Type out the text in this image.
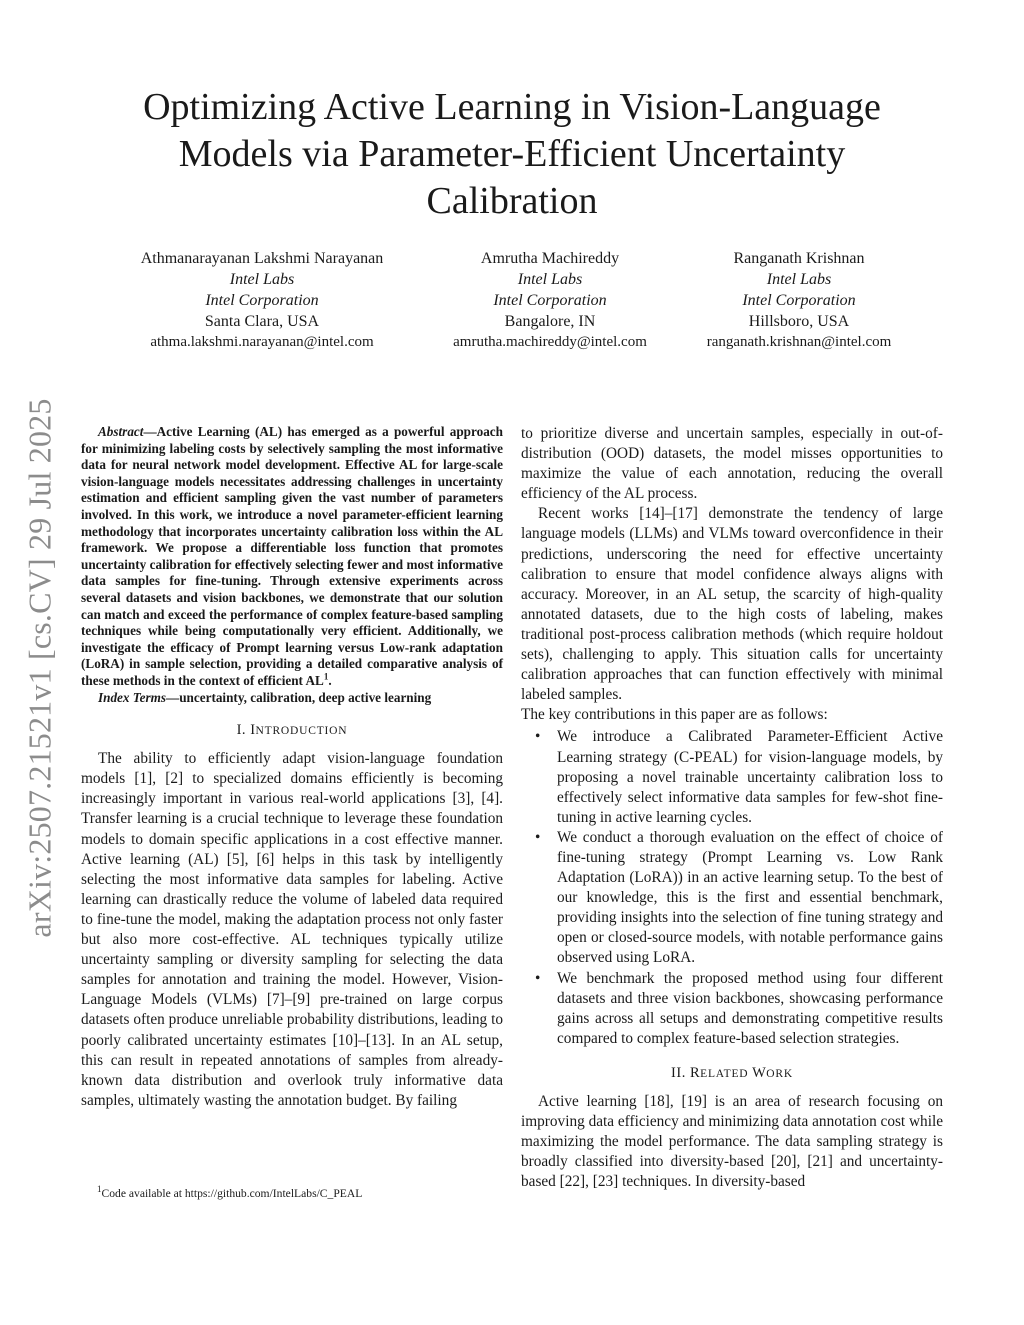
Optimizing Active Learning in Vision-Language
Models via Parameter-Efficient Uncertainty
Calibration
Athmanarayanan Lakshmi Narayanan
Intel Labs
Intel Corporation
Santa Clara, USA
athma.lakshmi.narayanan@intel.com
Amrutha Machireddy
Intel Labs
Intel Corporation
Bangalore, IN
amrutha.machireddy@intel.com
Ranganath Krishnan
Intel Labs
Intel Corporation
Hillsboro, USA
ranganath.krishnan@intel.com
arXiv:2507.21521v1 [cs.CV] 29 Jul 2025	Abstract—Active Learning (AL) has emerged as a powerful approach for minimizing labeling costs by selectively sampling the most informative data for neural network model development. Effective AL for large-scale vision-language models necessitates addressing challenges in uncertainty estimation and efficient sampling given the vast number of parameters involved. In this work, we introduce a novel parameter-efficient learning methodology that incorporates uncertainty calibration loss within the AL framework. We propose a differentiable loss function that promotes uncertainty calibration for effectively selecting fewer and most informative data samples for fine-tuning. Through extensive experiments across several datasets and vision backbones, we demonstrate that our solution can match and exceed the performance of complex feature-based sampling techniques while being computationally very efficient. Additionally, we investigate the efficacy of Prompt learning versus Low-rank adaptation (LoRA) in sample selection, providing a detailed comparative analysis of these methods in the context of efficient $AL^1$.

Index Terms—uncertainty, calibration, deep active learning

I. INTRODUCTION

The ability to efficiently adapt vision-language foundation models [1], [2] to specialized domains efficiently is becoming increasingly important in various real-world applications [3], [4]. Transfer learning is a crucial technique to leverage these foundation models to domain specific applications in a cost effective manner. Active learning (AL) [5], [6] helps in this task by intelligently selecting the most informative data samples for labeling. Active learning can drastically reduce the volume of labeled data required to fine-tune the model, making the adaptation process not only faster but also more cost-effective. AL techniques typically utilize uncertainty sampling or diversity sampling for selecting the data samples for annotation and training the model. However, Vision-Language Models (VLMs) [7]–[9] pre-trained on large corpus datasets often produce unreliable probability distributions, leading to poorly calibrated uncertainty estimates [10]–[13]. In an AL setup, this can result in repeated annotations of samples from already-known data distribution and overlook truly informative data samples, ultimately wasting the annotation budget. By failing

to prioritize diverse and uncertain samples, especially in out-of-distribution (OOD) datasets, the model misses opportunities to maximize the value of each annotation, reducing the overall efficiency of the AL process.

Recent works [14]–[17] demonstrate the tendency of large language models (LLMs) and VLMs toward overconfidence in their predictions, underscoring the need for effective uncertainty calibration to ensure that model confidence always aligns with accuracy. Moreover, in an AL setup, the scarcity of high-quality annotated datasets, due to the high costs of labeling, makes traditional post-process calibration methods (which require holdout sets), challenging to apply. This situation calls for uncertainty calibration approaches that can function effectively with minimal labeled samples.

The key contributions in this paper are as follows:

• We introduce a Calibrated Parameter-Efficient Active Learning strategy (C-PEAL) for vision-language models, by proposing a novel trainable uncertainty calibration loss to effectively select informative data samples for few-shot fine-tuning in active learning cycles.
• We conduct a thorough evaluation on the effect of choice of fine-tuning strategy (Prompt Learning vs. Low Rank Adaptation (LoRA)) in an active learning setup. To the best of our knowledge, this is the first and essential benchmark, providing insights into the selection of fine tuning strategy and open or closed-source models, with notable performance gains observed using LoRA.
• We benchmark the proposed method using four different datasets and three vision backbones, showcasing performance gains across all setups and demonstrating competitive results compared to complex feature-based selection strategies.
II. RELATED WORK

Active learning [18], [19] is an area of research focusing on improving data efficiency and minimizing data annotation cost while maximizing the model performance. The data sampling strategy is broadly classified into diversity-based [20], [21] and uncertainty-based [22], [23] techniques. In diversity-based

$^1$Code available at https://github.com/IntelLabs/C_PEAL
